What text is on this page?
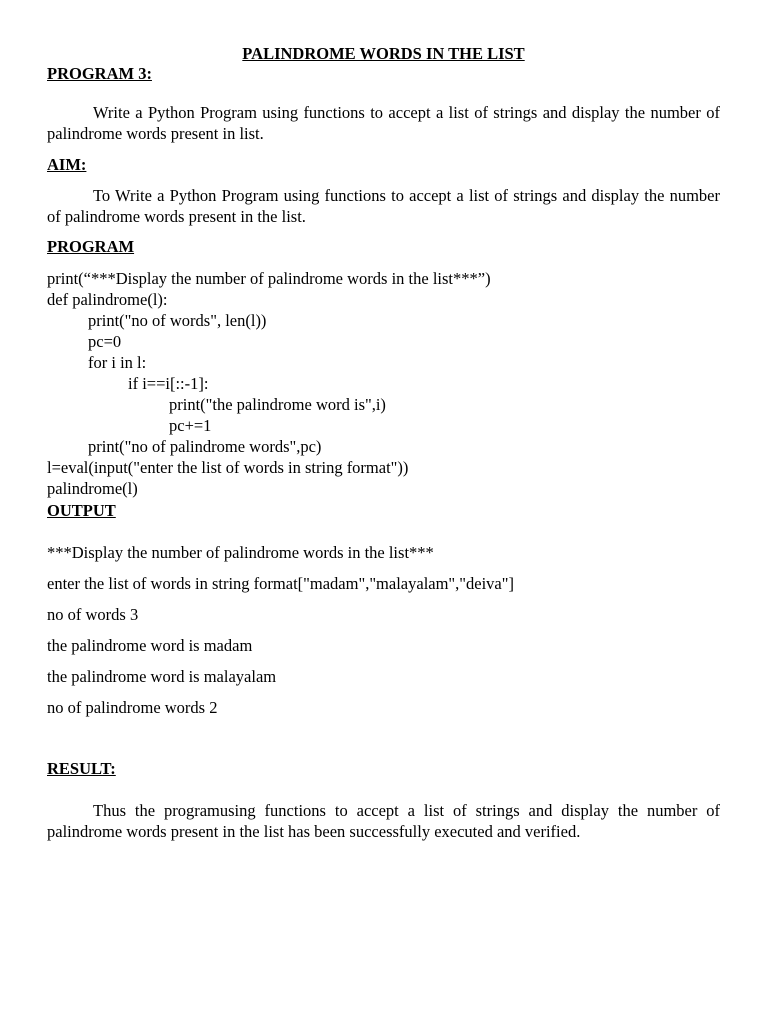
PALINDROME WORDS IN THE LIST
PROGRAM 3:

Write a Python Program using functions to accept a list of strings and display the number of palindrome words present in list.

AIM:

To Write a Python Program using functions to accept a list of strings and display the number of palindrome words present in the list.

PROGRAM
print(“***Display the number of palindrome words in the list***”)
def palindrome(l):
print("no of words", len(l))
pc=0
for i in l:
if i==i[::-1]:
print("the palindrome word is",i)
pc+=1
print("no of palindrome words",pc)
l=eval(input("enter the list of words in string format"))
palindrome(l)
OUTPUT
***Display the number of palindrome words in the list***
enter the list of words in string format["madam","malayalam","deiva"]
no of words 3
the palindrome word is madam
the palindrome word is malayalam
no of palindrome words 2
RESULT:

Thus the programusing functions to accept a list of strings and display the number of palindrome words present in the list has been successfully executed and verified.
